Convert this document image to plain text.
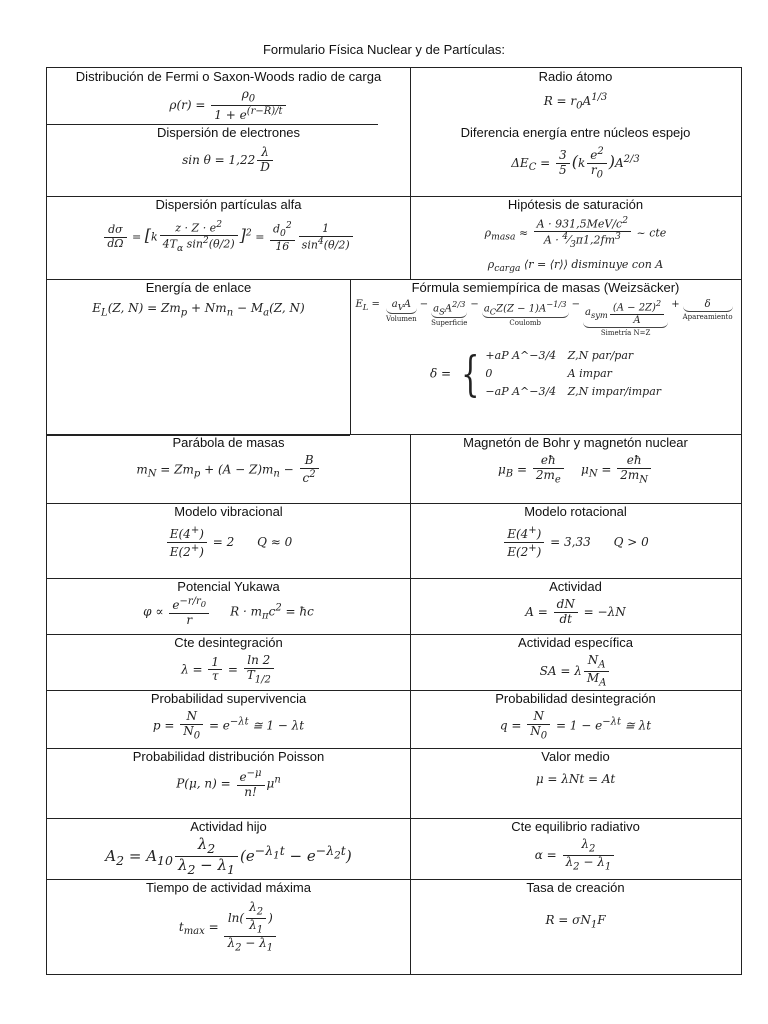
Formulario Física Nuclear y de Partículas:
Distribución de Fermi o Saxon-Woods radio de carga
$\rho(r) = \frac{\rho_0}{1 + e^{(r-R)/t}}$
Radio átomo
$R = r_0A^{1/3}$
Dispersión de electrones
$\sin \theta = 1,22 \frac{\lambda}{D}$
Diferencia energía entre núcleos espejo
$\Delta E_C = \frac{3}{5} (k \frac{e^2}{r_0} )A^{2/3}$
Dispersión partículas alfa
$\frac{d\sigma}{d\Omega} = [k \frac{z \cdot Z \cdot e^2}{4T_\alpha \sin^2(\theta/2)} ]^2 = \frac{d_0^2}{16} \frac{1}{\sin^4(\theta/2)}$
Hipótesis de saturación
$\rho_{masa} \approx \frac{A \cdot 931,5MeV/c^2}{A \cdot ^4⁄_3\pi 1,2fm^3}$ ~ cte
$\rho_{carga}$ ⟨r = ⟨r⟩⟩ disminuye con A
Energía de enlace
$E_L(Z$, $N) = Zm_p + Nm_n - M_a(Z$, N)
Fórmula semiempírica de masas (Weizsäcker)
$E_L = a_VA$
Volumen
− $a_SA^{2/3}$
Superficie
− $a_CZ(Z - 1)A^{-1/3}$
Coulomb
−
$a_{sym} \frac{(A - 2Z)^2}{A}$
Simetría N=Z
+	δ
Apareamiento
δ = { +aP A^−3/4
0
−aP A^−3/4   Z,N par/par
A impar
Z,N impar/impar
Parábola de masas
$m_N = Zm_p + (A - Z)m_n - \frac{B}{c^2}$
Magnetón de Bohr y magnetón nuclear
$\mu_B = \frac{eħ}{2m_e} \mu_N = \frac{eħ}{2m_N}$
Modelo vibracional
$\frac{E(4^+)}{E(2^+)} = 2$      Q ≈ 0
Modelo rotacional
$\frac{E(4^+)}{E(2^+)} = 3,33$      Q > 0
Potencial Yukawa
$\varphi \propto \frac{e^{-r/r_0}}{r}$ $R \cdot m_\pi c^2$ = ħc
Actividad
$A = \frac{dN}{dt} = -\lambda N$
Cte desintegración
$\lambda = \frac{1}{\tau} = \frac{\ln 2}{T_{1/2}}$
Actividad específica
SA = λ $\frac{N_A}{M_A}$
Probabilidad supervivencia
$p = \frac{N}{N_0} = e^{-\lambda t}$ ≅ 1 − λt
Probabilidad desintegración
$q = \frac{N}{N_0} = 1 - e^{-\lambda t}$ ≅ λt
Probabilidad distribución Poisson
P(μ, $n) = \frac{e^{-\mu}}{n!} \mu^n$
Valor medio
μ = λNt = At
Actividad hijo
$A_2 = A_{10} \frac{\lambda_2}{\lambda_2 - \lambda_1} (e^{-\lambda_1t} - e^{-\lambda_2t})$
Cte equilibrio radiativo
$\alpha = \frac{\lambda_2}{\lambda_2 - \lambda_1}$
Tiempo de actividad máxima
$t_{max} = \frac{\ln( \frac{\lambda_2}{\lambda_1} )}{\lambda_2 - \lambda_1}$
Tasa de creación
$R = \sigma N_1F$
